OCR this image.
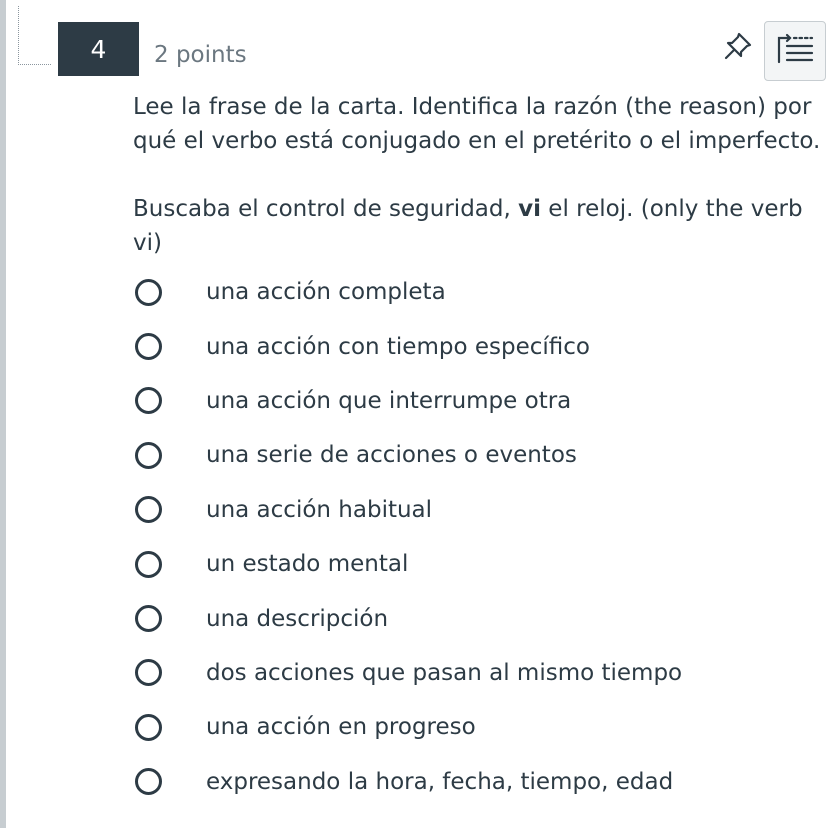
4	2 points

Lee la frase de la carta. Identifica la razón (the reason) por qué el verbo está conjugado en el pretérito o el imperfecto.

Buscaba el control de seguridad, vi el reloj. (only the verb vi)

una acción completa
una acción con tiempo específico
una acción que interrumpe otra
una serie de acciones o eventos
una acción habitual
un estado mental
una descripción
dos acciones que pasan al mismo tiempo
una acción en progreso
expresando la hora, fecha, tiempo, edad
